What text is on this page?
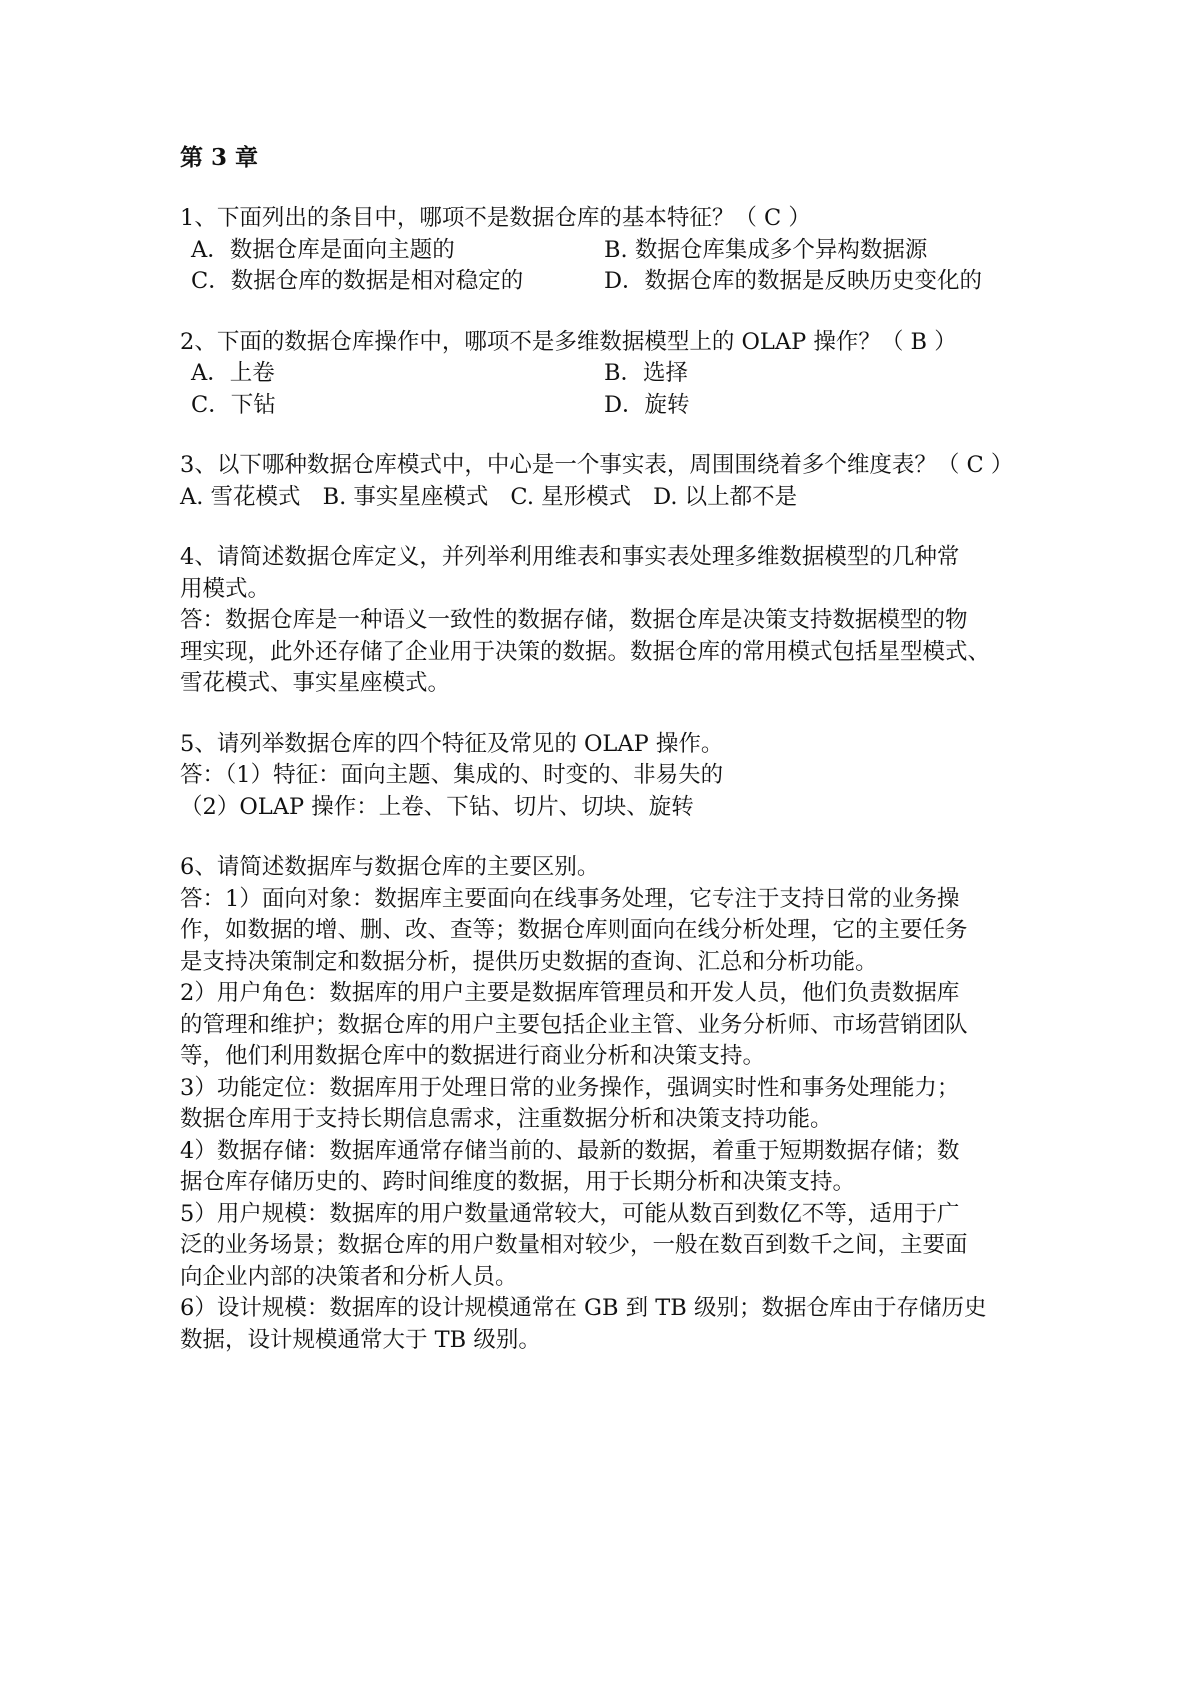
第 3 章
1、下面列出的条目中，哪项不是数据仓库的基本特征？（ C ）
A．数据仓库是面向主题的	B. 数据仓库集成多个异构数据源
C．数据仓库的数据是相对稳定的	D．数据仓库的数据是反映历史变化的
2、下面的数据仓库操作中，哪项不是多维数据模型上的 OLAP 操作？（ B ）
A．上卷	B．选择
C．下钻	D．旋转
3、以下哪种数据仓库模式中，中心是一个事实表，周围围绕着多个维度表？（ C ）
A. 雪花模式 B. 事实星座模式 C. 星形模式 D. 以上都不是
4、请简述数据仓库定义，并列举利用维表和事实表处理多维数据模型的几种常
用模式。
答：数据仓库是一种语义一致性的数据存储，数据仓库是决策支持数据模型的物
理实现，此外还存储了企业用于决策的数据。数据仓库的常用模式包括星型模式、
雪花模式、事实星座模式。
5、请列举数据仓库的四个特征及常见的 OLAP 操作。
答：（1）特征：面向主题、集成的、时变的、非易失的
（2）OLAP 操作：上卷、下钻、切片、切块、旋转
6、请简述数据库与数据仓库的主要区别。
答：1）面向对象：数据库主要面向在线事务处理，它专注于支持日常的业务操
作，如数据的增、删、改、查等；数据仓库则面向在线分析处理，它的主要任务
是支持决策制定和数据分析，提供历史数据的查询、汇总和分析功能。
2）用户角色：数据库的用户主要是数据库管理员和开发人员，他们负责数据库
的管理和维护；数据仓库的用户主要包括企业主管、业务分析师、市场营销团队
等，他们利用数据仓库中的数据进行商业分析和决策支持。
3）功能定位：数据库用于处理日常的业务操作，强调实时性和事务处理能力；
数据仓库用于支持长期信息需求，注重数据分析和决策支持功能。
4）数据存储：数据库通常存储当前的、最新的数据，着重于短期数据存储；数
据仓库存储历史的、跨时间维度的数据，用于长期分析和决策支持。
5）用户规模：数据库的用户数量通常较大，可能从数百到数亿不等，适用于广
泛的业务场景；数据仓库的用户数量相对较少，一般在数百到数千之间，主要面
向企业内部的决策者和分析人员。
6）设计规模：数据库的设计规模通常在 GB 到 TB 级别；数据仓库由于存储历史
数据，设计规模通常大于 TB 级别。
